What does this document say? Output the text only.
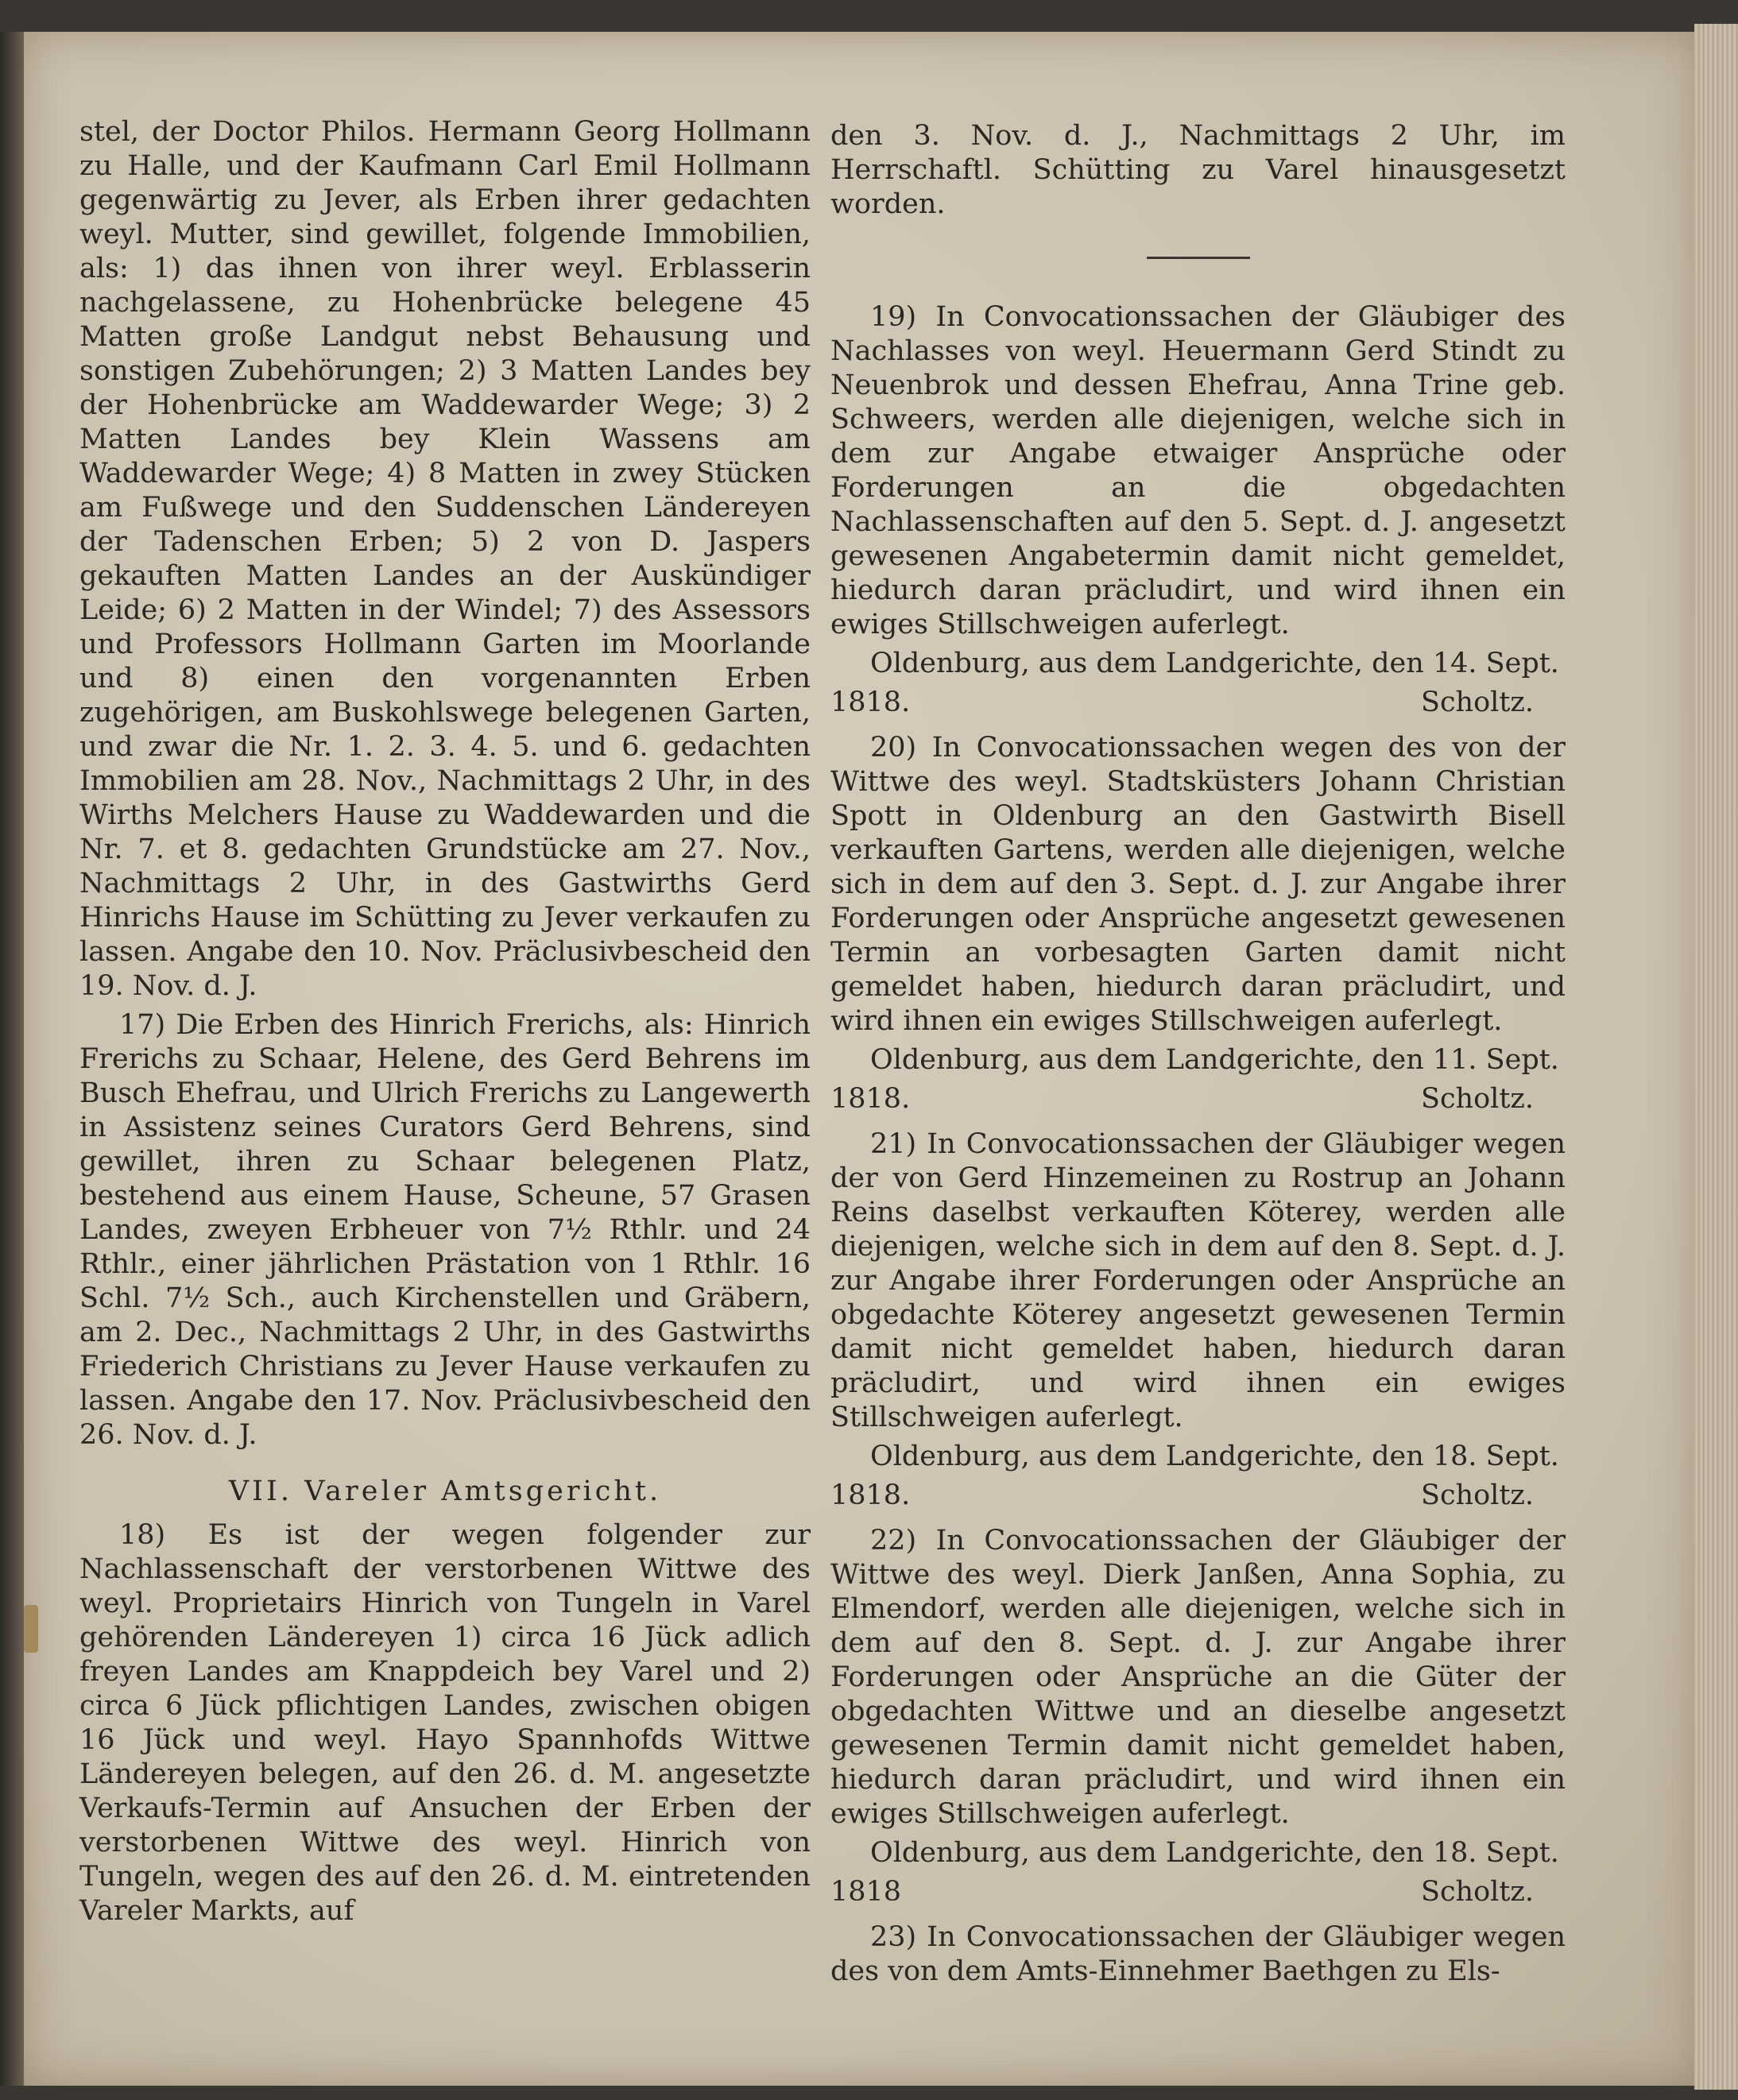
stel, der Doctor Philos. Hermann Georg Hollmann zu Halle, und der Kaufmann Carl Emil Hollmann gegenwärtig zu Jever, als Erben ihrer gedachten weyl. Mutter, sind gewillet, folgende Immobilien, als: 1) das ihnen von ihrer weyl. Erblasserin nachgelassene, zu Hohenbrücke belegene 45 Matten große Landgut nebst Behausung und sonstigen Zubehörungen; 2) 3 Matten Landes bey der Hohenbrücke am Waddewarder Wege; 3) 2 Matten Landes bey Klein Wassens am Waddewarder Wege; 4) 8 Matten in zwey Stücken am Fußwege und den Suddenschen Ländereyen der Tadenschen Erben; 5) 2 von D. Jaspers gekauften Matten Landes an der Auskündiger Leide; 6) 2 Matten in der Windel; 7) des Assessors und Professors Hollmann Garten im Moorlande und 8) einen den vorgenannten Erben zugehörigen, am Buskohlswege belegenen Garten, und zwar die Nr. 1. 2. 3. 4. 5. und 6. gedachten Immobilien am 28. Nov., Nachmittags 2 Uhr, in des Wirths Melchers Hause zu Waddewarden und die Nr. 7. et 8. gedachten Grundstücke am 27. Nov., Nachmittags 2 Uhr, in des Gastwirths Gerd Hinrichs Hause im Schütting zu Jever verkaufen zu lassen. Angabe den 10. Nov. Präclusivbescheid den 19. Nov. d. J.

17) Die Erben des Hinrich Frerichs, als: Hinrich Frerichs zu Schaar, Helene, des Gerd Behrens im Busch Ehefrau, und Ulrich Frerichs zu Langewerth in Assistenz seines Curators Gerd Behrens, sind gewillet, ihren zu Schaar belegenen Platz, bestehend aus einem Hause, Scheune, 57 Grasen Landes, zweyen Erbheuer von 7½ Rthlr. und 24 Rthlr., einer jährlichen Prästation von 1 Rthlr. 16 Schl. 7½ Sch., auch Kirchenstellen und Gräbern, am 2. Dec., Nachmittags 2 Uhr, in des Gastwirths Friederich Christians zu Jever Hause verkaufen zu lassen. Angabe den 17. Nov. Präclusivbescheid den 26. Nov. d. J.

VII. Vareler Amtsgericht.

18) Es ist der wegen folgender zur Nachlassenschaft der verstorbenen Wittwe des weyl. Proprietairs Hinrich von Tungeln in Varel gehörenden Ländereyen 1) circa 16 Jück adlich freyen Landes am Knappdeich bey Varel und 2) circa 6 Jück pflichtigen Landes, zwischen obigen 16 Jück und weyl. Hayo Spannhofds Wittwe Ländereyen belegen, auf den 26. d. M. angesetzte Verkaufs-Termin auf Ansuchen der Erben der verstorbenen Wittwe des weyl. Hinrich von Tungeln, wegen des auf den 26. d. M. eintretenden Vareler Markts, auf

den 3. Nov. d. J., Nachmittags 2 Uhr, im Herrschaftl. Schütting zu Varel hinausgesetzt worden.

19) In Convocationssachen der Gläubiger des Nachlasses von weyl. Heuermann Gerd Stindt zu Neuenbrok und dessen Ehefrau, Anna Trine geb. Schweers, werden alle diejenigen, welche sich in dem zur Angabe etwaiger Ansprüche oder Forderungen an die obgedachten Nachlassenschaften auf den 5. Sept. d. J. angesetzt gewesenen Angabetermin damit nicht gemeldet, hiedurch daran präcludirt, und wird ihnen ein ewiges Stillschweigen auferlegt.

Oldenburg, aus dem Landgerichte, den 14. Sept.

1818.	Scholtz.

20) In Convocationssachen wegen des von der Wittwe des weyl. Stadtsküsters Johann Christian Spott in Oldenburg an den Gastwirth Bisell verkauften Gartens, werden alle diejenigen, welche sich in dem auf den 3. Sept. d. J. zur Angabe ihrer Forderungen oder Ansprüche angesetzt gewesenen Termin an vorbesagten Garten damit nicht gemeldet haben, hiedurch daran präcludirt, und wird ihnen ein ewiges Stillschweigen auferlegt.

Oldenburg, aus dem Landgerichte, den 11. Sept.

1818.	Scholtz.

21) In Convocationssachen der Gläubiger wegen der von Gerd Hinzemeinen zu Rostrup an Johann Reins daselbst verkauften Köterey, werden alle diejenigen, welche sich in dem auf den 8. Sept. d. J. zur Angabe ihrer Forderungen oder Ansprüche an obgedachte Köterey angesetzt gewesenen Termin damit nicht gemeldet haben, hiedurch daran präcludirt, und wird ihnen ein ewiges Stillschweigen auferlegt.

Oldenburg, aus dem Landgerichte, den 18. Sept.

1818.	Scholtz.

22) In Convocationssachen der Gläubiger der Wittwe des weyl. Dierk Janßen, Anna Sophia, zu Elmendorf, werden alle diejenigen, welche sich in dem auf den 8. Sept. d. J. zur Angabe ihrer Forderungen oder Ansprüche an die Güter der obgedachten Wittwe und an dieselbe angesetzt gewesenen Termin damit nicht gemeldet haben, hiedurch daran präcludirt, und wird ihnen ein ewiges Stillschweigen auferlegt.

Oldenburg, aus dem Landgerichte, den 18. Sept.

1818	Scholtz.

23) In Convocationssachen der Gläubiger wegen des von dem Amts-Einnehmer Baethgen zu Els-
